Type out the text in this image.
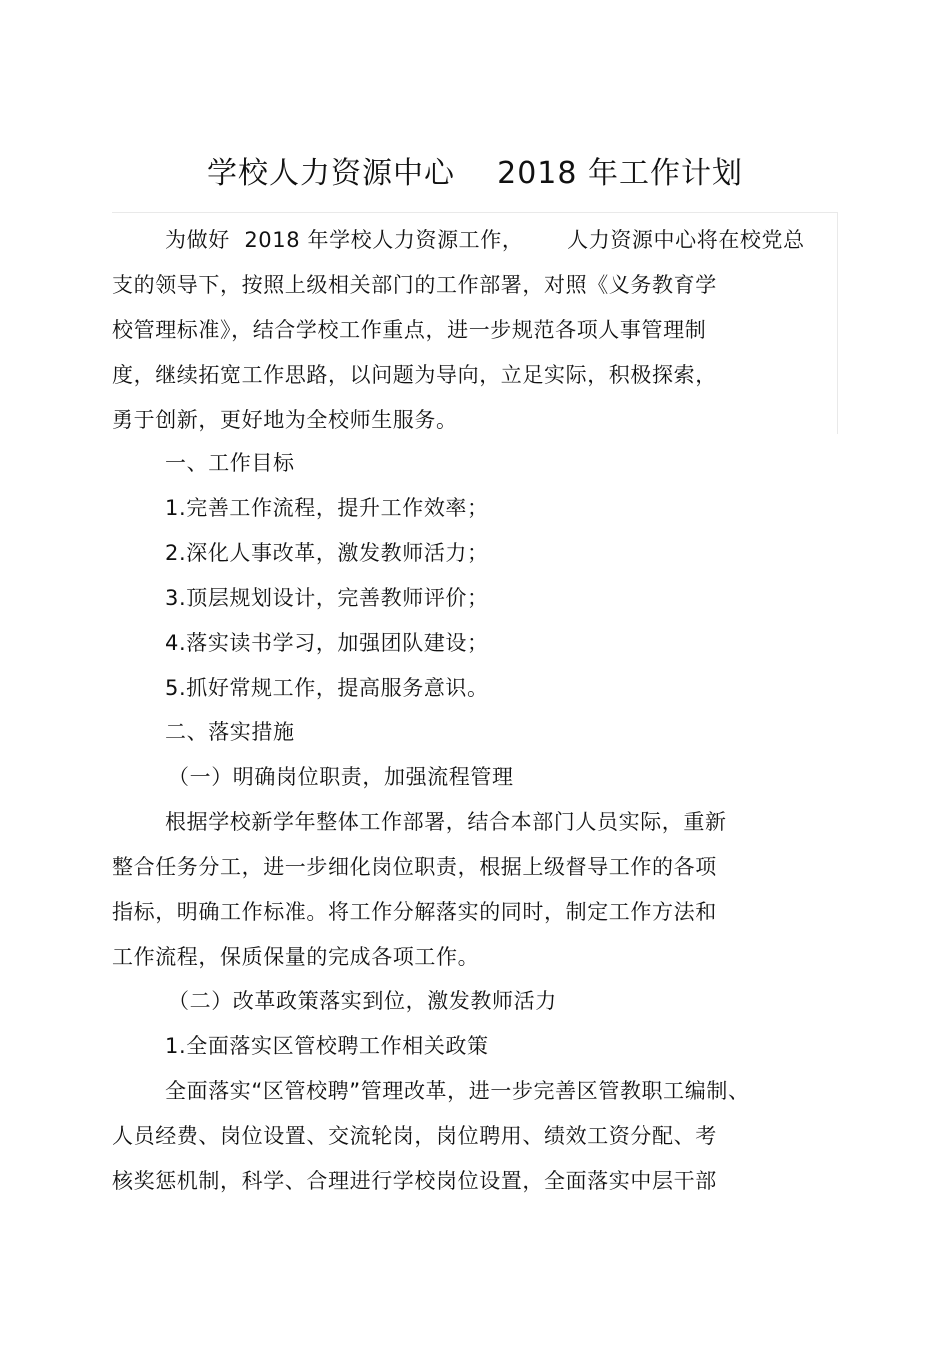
学校人力资源中心    2018 年工作计划
为做好  2018 年学校人力资源工作，      人力资源中心将在校党总
支的领导下，按照上级相关部门的工作部署，对照《义务教育学
校管理标准》，结合学校工作重点，进一步规范各项人事管理制
度，继续拓宽工作思路，以问题为导向，立足实际，积极探索，
勇于创新，更好地为全校师生服务。
一、工作目标
1.完善工作流程，提升工作效率；
2.深化人事改革，激发教师活力；
3.顶层规划设计，完善教师评价；
4.落实读书学习，加强团队建设；
5.抓好常规工作，提高服务意识。
二、落实措施
（一）明确岗位职责，加强流程管理
根据学校新学年整体工作部署，结合本部门人员实际，重新
整合任务分工，进一步细化岗位职责，根据上级督导工作的各项
指标，明确工作标准。将工作分解落实的同时，制定工作方法和
工作流程，保质保量的完成各项工作。
（二）改革政策落实到位，激发教师活力
1.全面落实区管校聘工作相关政策
全面落实“区管校聘”管理改革，进一步完善区管教职工编制、
人员经费、岗位设置、交流轮岗，岗位聘用、绩效工资分配、考
核奖惩机制，科学、合理进行学校岗位设置，全面落实中层干部
